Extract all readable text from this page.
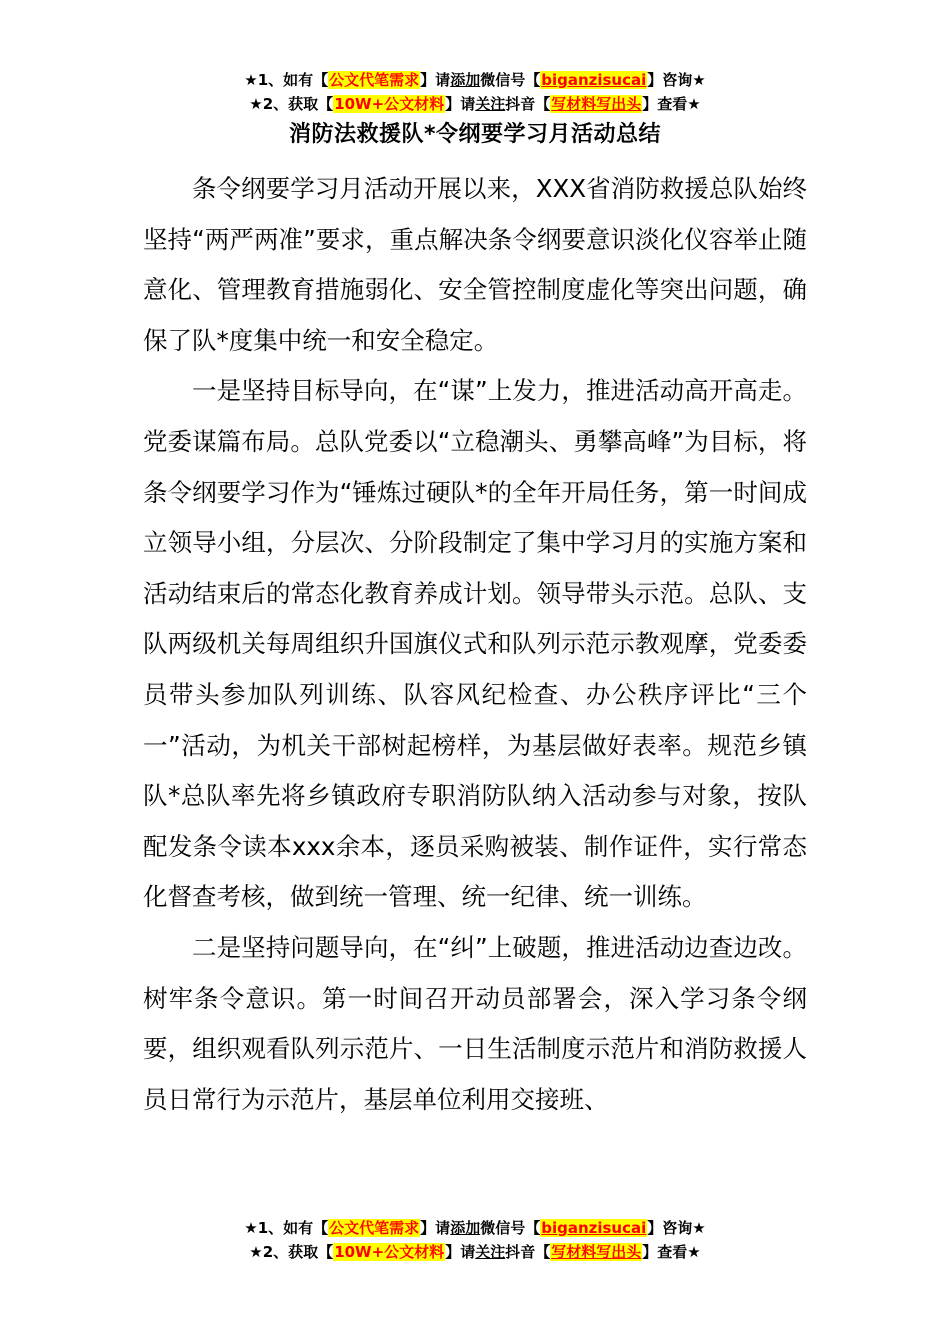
★1、如有【公文代笔需求】请添加微信号【biganzisucai】咨询★
★2、获取【10W+公文材料】请关注抖音【写材料写出头】查看★
消防法救援队*令纲要学习月活动总结

条令纲要学习月活动开展以来，XXX省消防救援总队始终坚持“两严两准”要求，重点解决条令纲要意识淡化仪容举止随意化、管理教育措施弱化、安全管控制度虚化等突出问题，确保了队*度集中统一和安全稳定。

一是坚持目标导向，在“谋”上发力，推进活动高开高走。党委谋篇布局。总队党委以“立稳潮头、勇攀高峰”为目标，将条令纲要学习作为“锤炼过硬队*的全年开局任务，第一时间成立领导小组，分层次、分阶段制定了集中学习月的实施方案和活动结束后的常态化教育养成计划。领导带头示范。总队、支队两级机关每周组织升国旗仪式和队列示范示教观摩，党委委员带头参加队列训练、队容风纪检查、办公秩序评比“三个一”活动，为机关干部树起榜样，为基层做好表率。规范乡镇队*总队率先将乡镇政府专职消防队纳入活动参与对象，按队配发条令读本xxx余本，逐员采购被装、制作证件，实行常态化督查考核，做到统一管理、统一纪律、统一训练。

二是坚持问题导向，在“纠”上破题，推进活动边查边改。树牢条令意识。第一时间召开动员部署会，深入学习条令纲要，组织观看队列示范片、一日生活制度示范片和消防救援人员日常行为示范片，基层单位利用交接班、

★1、如有【公文代笔需求】请添加微信号【biganzisucai】咨询★
★2、获取【10W+公文材料】请关注抖音【写材料写出头】查看★
